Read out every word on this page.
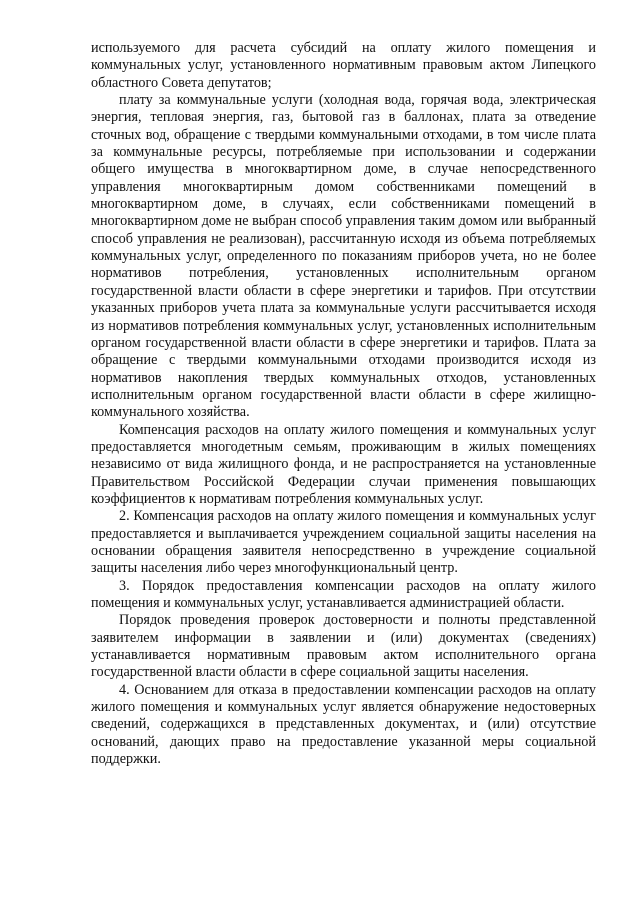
используемого для расчета субсидий на оплату жилого помещения и коммунальных услуг, установленного нормативным правовым актом Липецкого областного Совета депутатов;

плату за коммунальные услуги (холодная вода, горячая вода, электрическая энергия, тепловая энергия, газ, бытовой газ в баллонах, плата за отведение сточных вод, обращение с твердыми коммунальными отходами, в том числе плата за коммунальные ресурсы, потребляемые при использовании и содержании общего имущества в многоквартирном доме, в случае непосредственного управления многоквартирным домом собственниками помещений в многоквартирном доме, в случаях, если собственниками помещений в многоквартирном доме не выбран способ управления таким домом или выбранный способ управления не реализован), рассчитанную исходя из объема потребляемых коммунальных услуг, определенного по показаниям приборов учета, но не более нормативов потребления, установленных исполнительным органом государственной власти области в сфере энергетики и тарифов. При отсутствии указанных приборов учета плата за коммунальные услуги рассчитывается исходя из нормативов потребления коммунальных услуг, установленных исполнительным органом государственной власти области в сфере энергетики и тарифов. Плата за обращение с твердыми коммунальными отходами производится исходя из нормативов накопления твердых коммунальных отходов, установленных исполнительным органом государственной власти области в сфере жилищно-коммунального хозяйства.

Компенсация расходов на оплату жилого помещения и коммунальных услуг предоставляется многодетным семьям, проживающим в жилых помещениях независимо от вида жилищного фонда, и не распространяется на установленные Правительством Российской Федерации случаи применения повышающих коэффициентов к нормативам потребления коммунальных услуг.

2. Компенсация расходов на оплату жилого помещения и коммунальных услуг предоставляется и выплачивается учреждением социальной защиты населения на основании обращения заявителя непосредственно в учреждение социальной защиты населения либо через многофункциональный центр.

3. Порядок предоставления компенсации расходов на оплату жилого помещения и коммунальных услуг, устанавливается администрацией области.

Порядок проведения проверок достоверности и полноты представленной заявителем информации в заявлении и (или) документах (сведениях) устанавливается нормативным правовым актом исполнительного органа государственной власти области в сфере социальной защиты населения.

4. Основанием для отказа в предоставлении компенсации расходов на оплату жилого помещения и коммунальных услуг является обнаружение недостоверных сведений, содержащихся в представленных документах, и (или) отсутствие оснований, дающих право на предоставление указанной меры социальной поддержки.
